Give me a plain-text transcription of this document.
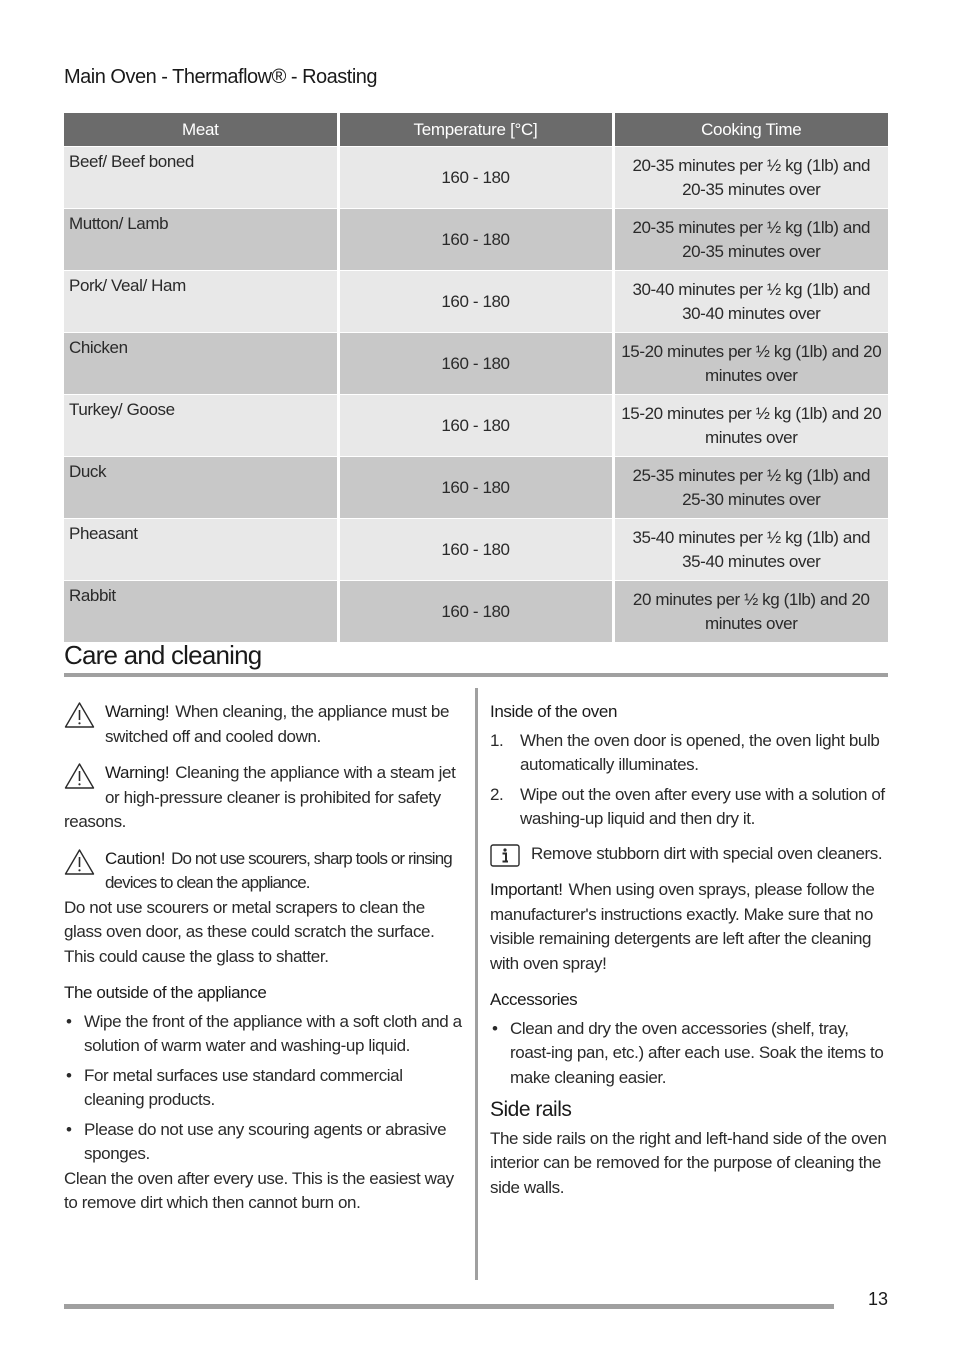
Main Oven - Thermaflow® - Roasting
Meat	Temperature [°C]	Cooking Time
Beef/ Beef boned	160 - 180	20-35 minutes per ½ kg (1lb) and
20-35 minutes over
Mutton/ Lamb	160 - 180	20-35 minutes per ½ kg (1lb) and
20-35 minutes over
Pork/ Veal/ Ham	160 - 180	30-40 minutes per ½ kg (1lb) and
30-40 minutes over
Chicken	160 - 180	15-20 minutes per ½ kg (1lb) and 20
minutes over
Turkey/ Goose	160 - 180	15-20 minutes per ½ kg (1lb) and 20
minutes over
Duck	160 - 180	25-35 minutes per ½ kg (1lb) and
25-30 minutes over
Pheasant	160 - 180	35-40 minutes per ½ kg (1lb) and
35-40 minutes over
Rabbit	160 - 180	20 minutes per ½ kg (1lb) and 20
minutes over
Care and cleaning
Warning! When cleaning, the appliance must be switched off and cooled down.
Warning! Cleaning the appliance with a steam jet or high-pressure cleaner is prohibited for safety
reasons.
Caution! Do not use scourers, sharp tools or rinsing devices to clean the appliance.

Do not use scourers or metal scrapers to clean the glass oven door, as these could scratch the surface. This could cause the glass to shatter.

The outside of the appliance
• Wipe the front of the appliance with a soft cloth and a solution of warm water and washing-up liquid.
• For metal surfaces use standard commercial cleaning products.
• Please do not use any scouring agents or abrasive sponges.

Clean the oven after every use. This is the easiest way to remove dirt which then cannot burn on.

Inside of the oven
1. When the oven door is opened, the oven light bulb automatically illuminates.
2. Wipe out the oven after every use with a solution of washing-up liquid and then dry it.
Remove stubborn dirt with special oven cleaners.

Important! When using oven sprays, please follow the manufacturer's instructions exactly. Make sure that no visible remaining detergents are left after the cleaning with oven spray!

Accessories
• Clean and dry the oven accessories (shelf, tray, roast-ing pan, etc.) after each use. Soak the items to make cleaning easier.
Side rails

The side rails on the right and left-hand side of the oven interior can be removed for the purpose of cleaning the side walls.

13
